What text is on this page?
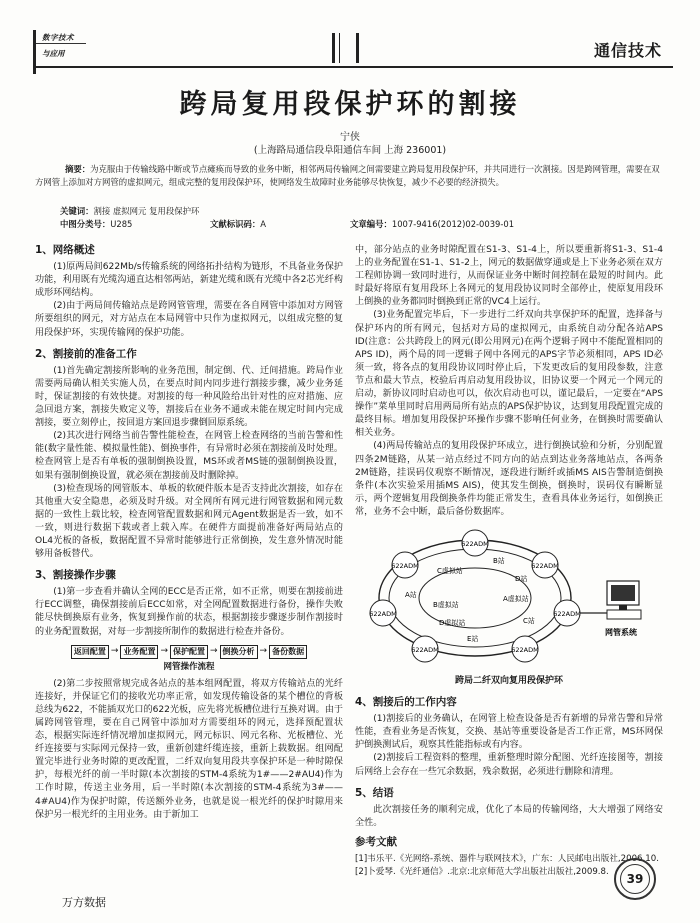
数字技术
与应用	通信技术
跨局复用段保护环的割接
宁侠
(上海路局通信段阜阳通信车间 上海 236001)
摘要：为克服由于传输线路中断或节点瘫痪而导致的业务中断，相邻两局传输网之间需要建立跨局复用段保护环，并共同进行一次割接。因是跨网管理，需要在双方网管上添加对方网管的虚拟网元，组成完整的复用段保护环，使网络发生故障时业务能够尽快恢复，减少不必要的经济损失。
关键词：割接 虚拟网元 复用段保护环
中图分类号：U285	文献标识码：A	文章编号：1007-9416(2012)02-0039-01
1、网络概述

(1)原两局间622Mb/s传输系统的网络拓扑结构为链形，不具备业务保护功能，利用既有光缆沟通直达相邻两站，新建光缆和既有光缆中各2芯光纤构成形环网结构。

(2)由于两局间传输站点是跨网管管理，需要在各自网管中添加对方网管所要组织的网元，对方站点在本局网管中只作为虚拟网元，以组成完整的复用段保护环，实现传输网的保护功能。

2、割接前的准备工作

(1)首先确定割接所影响的业务范围，制定倒、代、迁间措施。跨局作业需要两局确认相关实施人员，在要点时间内同步进行割接步骤，减少业务延时，保证割接的有效快捷。对割接的每一种风险给出针对性的应对措施、应急回退方案，割接失败定义等，割接后在业务不通或未能在规定时间内完成割接，要立刻停止，按回退方案回退步骤倒回原系统。

(2)其次进行网络当前告警性能检查，在网管上检查网络的当前告警和性能(数字量性能、模拟量性能)、倒换事件，有异常时必须在割接前及时处理。检查网管上是否有单板的强制倒换设置，MS环或者MS链的强制倒换设置，如果有强制倒换设置，就必须在割接前及时删除掉。

(3)检查现场的网管版本、单板的软硬件版本是否支持此次割接，如存在其他重大安全隐患，必须及时升级。对全网所有网元进行网管数据和网元数据的一致性上载比较，检查网管配置数据和网元Agent数据是否一致，如不一致，则进行数据下载或者上载入库。在硬件方面提前准备好两局站点的OL4光板的备板，数据配置不异常时能够进行正常倒换，发生意外情况时能够用备板替代。

3、割接操作步骤

(1)第一步查看并确认全网的ECC是否正常，如不正常，则要在割接前进行ECC调整，确保割接前后ECC如常，对全网配置数据进行备份，操作失败能尽快倒换原有业务，恢复到操作前的状态，根据割接步骤逐步制作割接时的业务配置数据，对每一步割接所制作的数据进行检查并备份。

返回配置 → 业务配置 → 保护配置 → 倒换分析 → 备份数据
网管操作流程

(2)第二步按照常规完成各站点的基本组网配置，将双方传输站点的光纤连接好，并保证它们的接收光功率正常，如发现传输设备的某个槽位的背板总线为622，不能插双光口的622光板，应先将光板槽位进行互换对调。由于属跨网管管理，要在自己网管中添加对方需要组环的网元，选择预配置状态，根据实际连纤情况增加虚拟网元，网元标识、网元名称、光板槽位、光纤连接要与实际网元保持一致，重新创建纤缆连接，重新上载数据。组网配置完毕进行业务时隙的更改配置，二纤双向复用段共享保护环是一种时隙保护，每根光纤的前一半时隙(本次割接的STM-4系统为1#——2#AU4)作为工作时隙，传送主业务用，后一半时隙(本次割接的STM-4系统为3#——4#AU4)作为保护时隙，传送额外业务，也就是说一根光纤的保护时隙用来保护另一根光纤的主用业务。由于新加工

中，部分站点的业务时隙配置在S1-3、S1-4上，所以要重新将S1-3、S1-4上的业务配置在S1-1、S1-2上，网元的数据做穿通或是上下业务必须在双方工程师协调一致同时进行，从而保证业务中断时间控制在最短的时间内。此时最好将原有复用段环上各网元的复用段协议同时全部停止，使原复用段环上倒换的业务都同时倒换到正常的VC4上运行。

(3)业务配置完毕后，下一步进行二纤双向共享保护环的配置，选择备与保护环内的所有网元，包括对方局的虚拟网元，由系统自动分配各站APS ID(注意：公共跨段上的网元(即公用网元)在两个逻辑子网中不能配置相同的APS ID)，两个局的同一逻辑子网中各网元的APS字节必须相同，APS ID必须一致，将各点的复用段协议同时停止后，下发更改后的复用段参数，注意节点和最大节点，校验后再启动复用段协议，旧协议要一个网元一个网元的启动，新协议同时启动也可以，依次启动也可以，谨记最后，一定要在“APS操作”菜单里同时启用两局所有站点的APS保护协议，达到复用段配置完成的最终目标。增加复用段保护环操作步骤不影响任何业务，在倒换时需要确认相关业务。

(4)两局传输站点的复用段保护环成立，进行倒换试验和分析，分别配置四条2M链路，从某一站点经过不同方向的站点到达业务落地站点，各两条2M链路，挂误码仪观察不断情况，逐段进行断纤或插MS AIS告警制造倒换条件(本次实验采用插MS AIS)，使其发生倒换，倒换时，误码仪有瞬断显示，两个逻辑复用段倒换条件均能正常发生，查看具体业务运行，如倒换正常，业务不会中断，最后备份数据库。

622ADM
622ADM	622ADM
622ADM	622ADM
622ADM	622ADM
B站
C虚拟站
D站
A站	A虚拟站
B虚拟站
C站
D虚拟站
E站
网管系统
跨局二纤双向复用段保护环
4、割接后的工作内容

(1)割接后的业务确认，在网管上检查设备是否有新增的异常告警和异常性能，查看业务是否恢复，交换、基站等重要设备是否工作正常，MS环网保护倒换测试后，观察其性能指标或有内容。

(2)割接后工程资料的整理，重新整理时隙分配图、光纤连接图等，割接后网络上会存在一些冗余数据，残余数据，必须进行删除和清理。

5、结语

此次割接任务的顺利完成，优化了本局的传输网络，大大增强了网络安全性。

参考文献
[1]韦乐平.《光网络-系统、器件与联网技术》，广东：人民邮电出版社,2006.10.
[2]卜爱琴.《光纤通信》.北京:北京师范大学出版社出版社,2009.8.
万方数据
39
